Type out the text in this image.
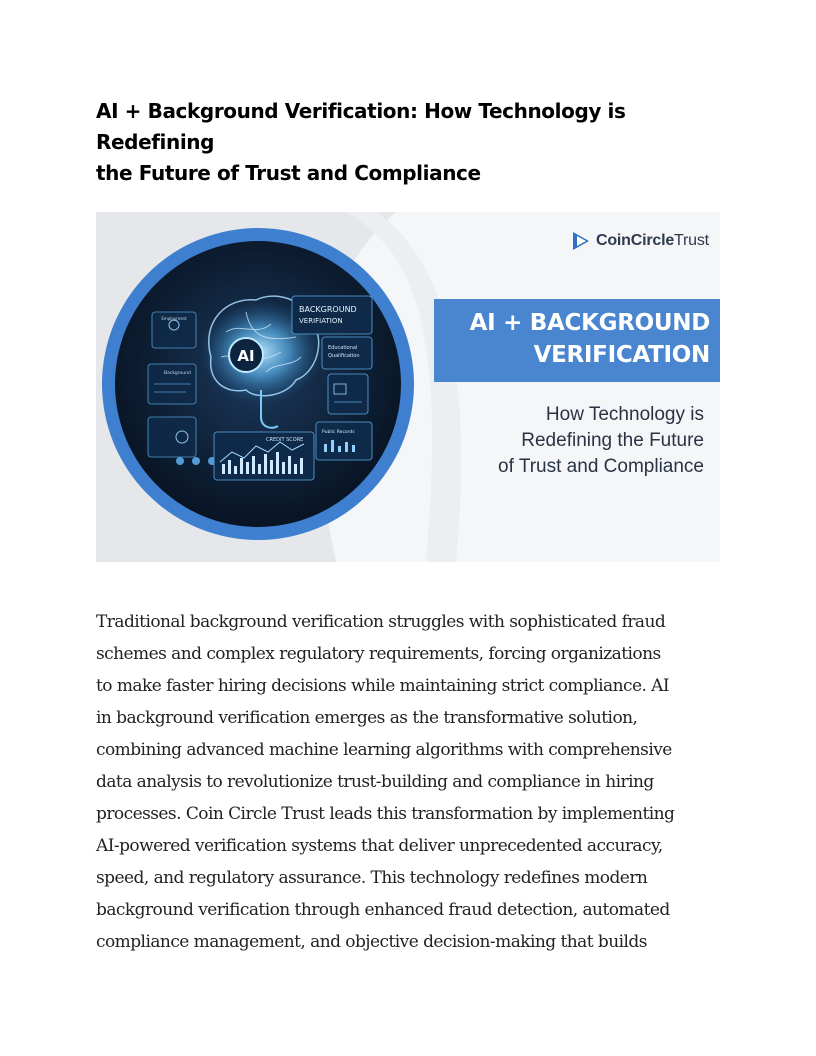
AI + Background Verification: How Technology is Redefining
the Future of Trust and Compliance
AI
Employment
Background
BACKGROUND
VERIFIATION
Educational
Qualification
Public Records
CREDIT SCORE
CoinCircleTrust
AI + BACKGROUND
VERIFICATION
How Technology is
Redefining the Future
of Trust and Compliance
Traditional background verification struggles with sophisticated fraud
schemes and complex regulatory requirements, forcing organizations
to make faster hiring decisions while maintaining strict compliance. AI
in background verification emerges as the transformative solution,
combining advanced machine learning algorithms with comprehensive
data analysis to revolutionize trust-building and compliance in hiring
processes. Coin Circle Trust leads this transformation by implementing
AI-powered verification systems that deliver unprecedented accuracy,
speed, and regulatory assurance. This technology redefines modern
background verification through enhanced fraud detection, automated
compliance management, and objective decision-making that builds
